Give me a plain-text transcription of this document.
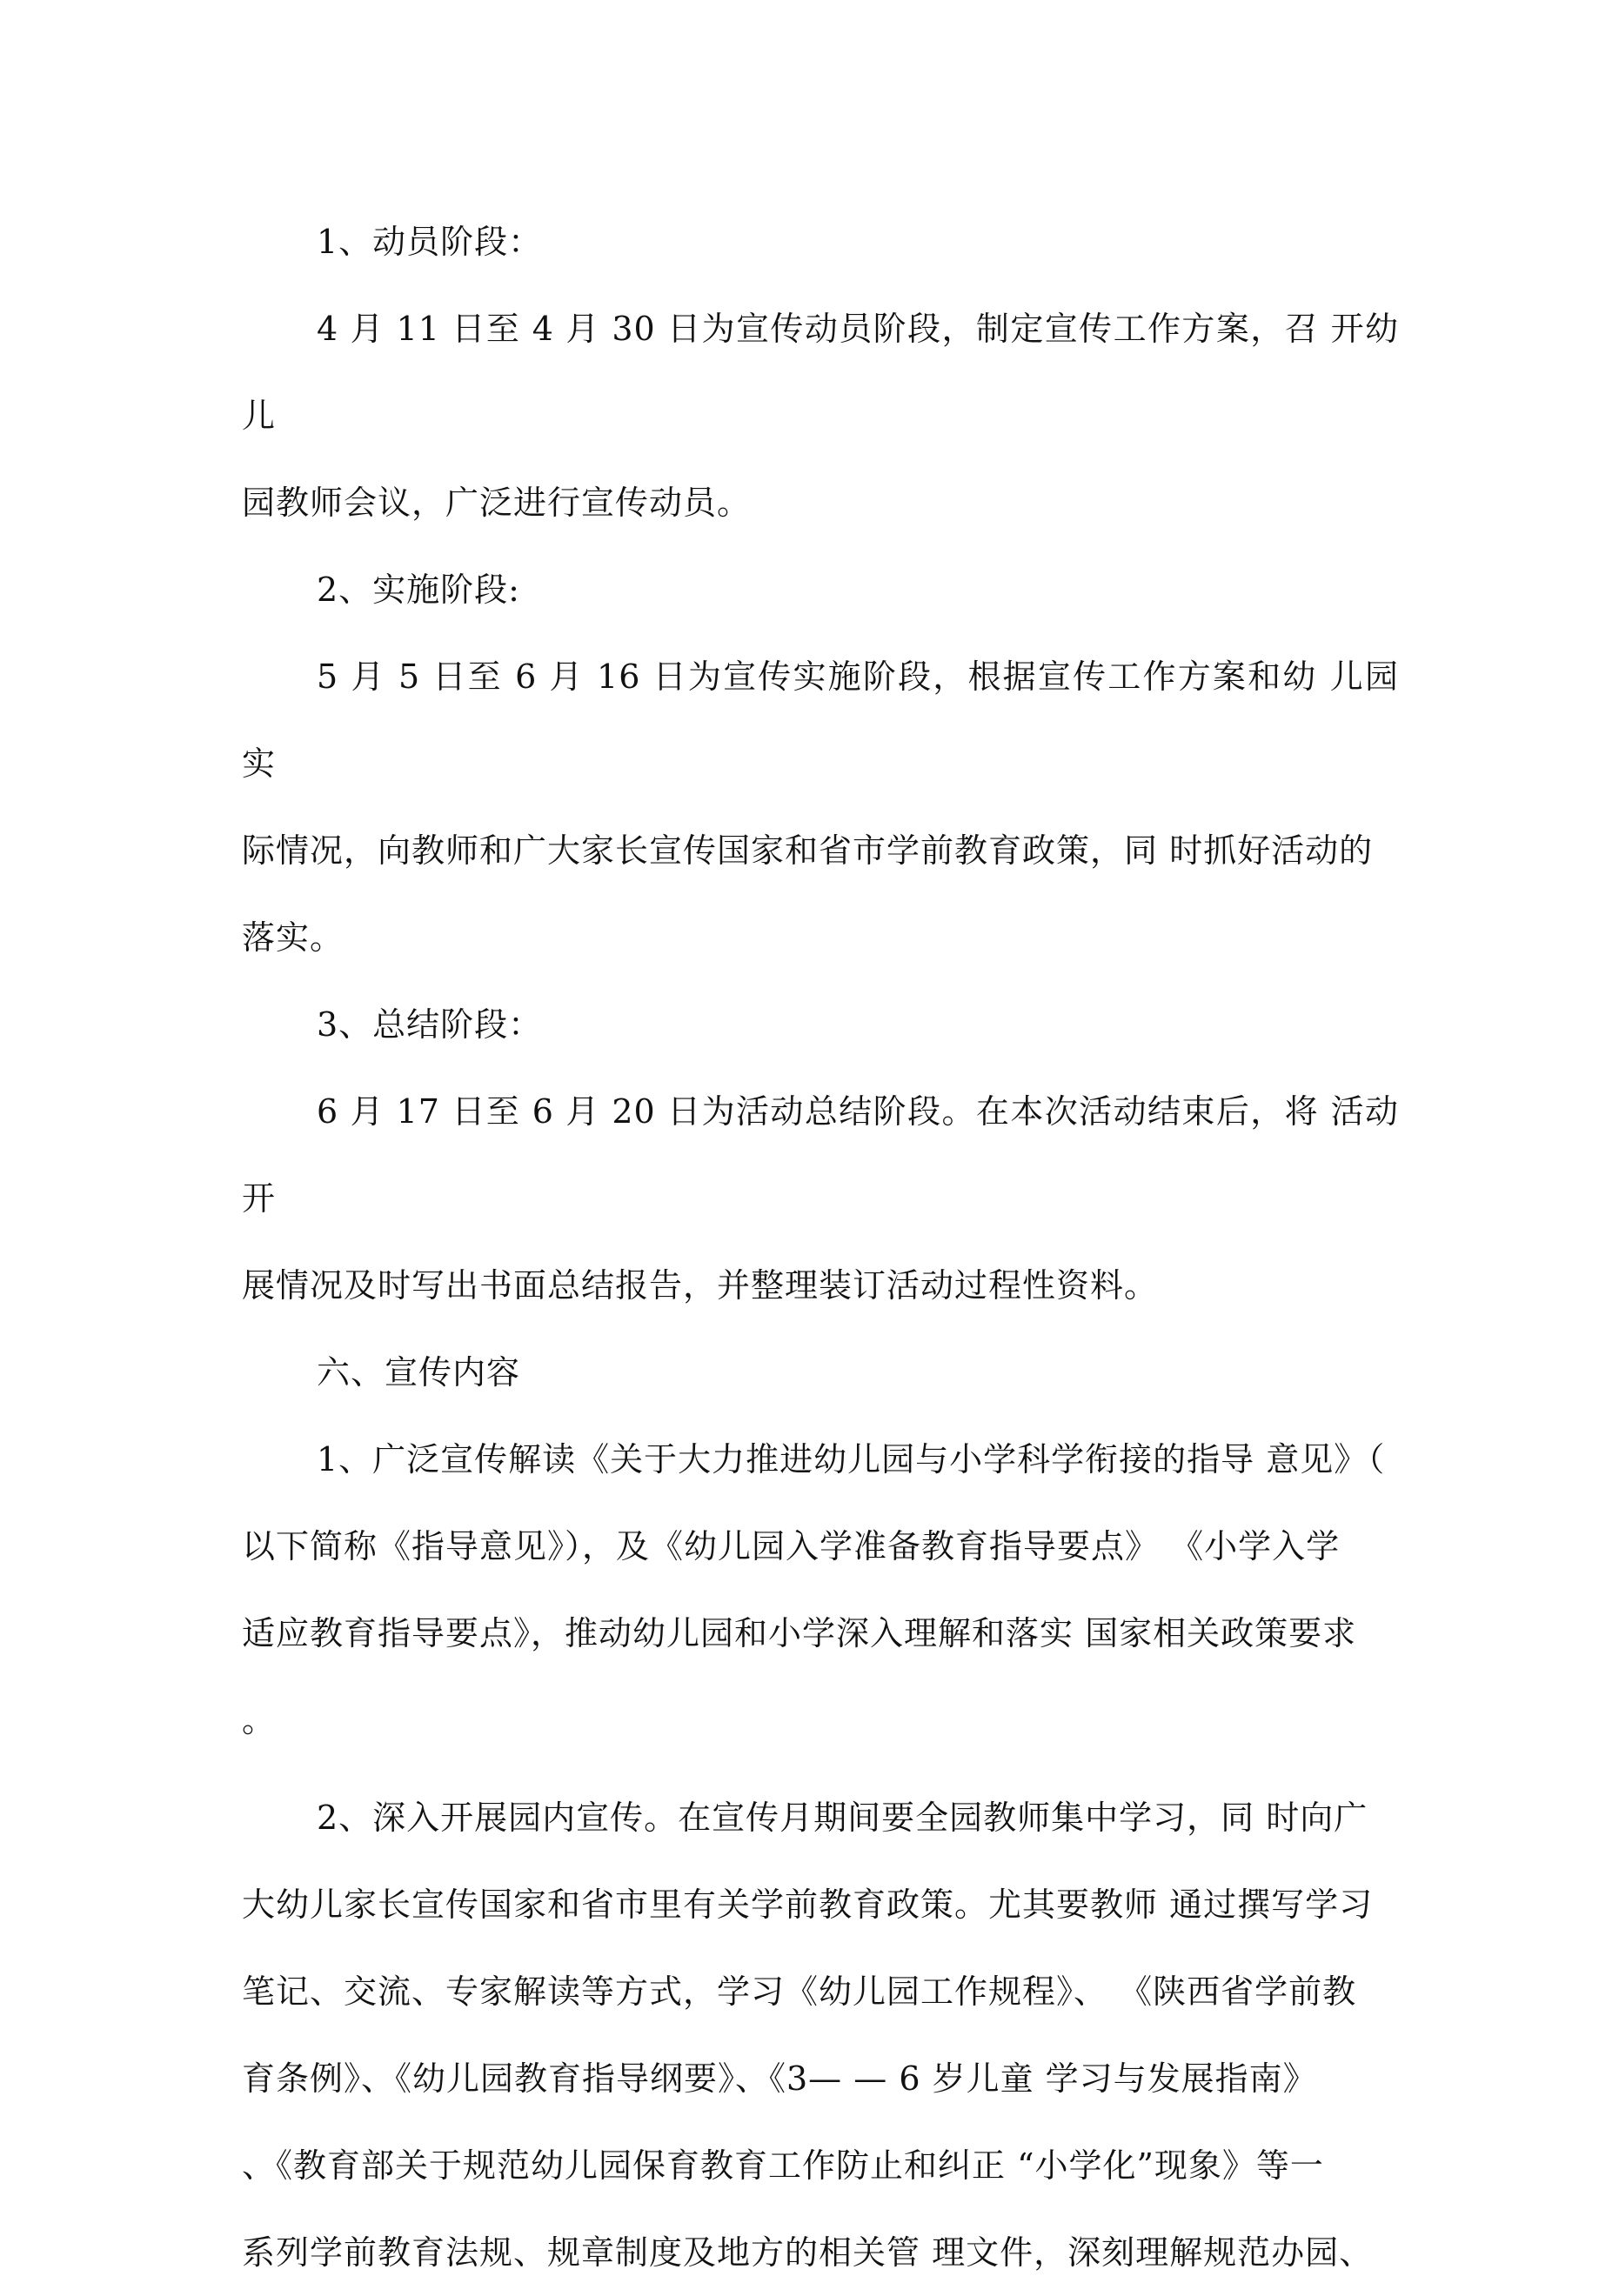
1、动员阶段：

4 月 11 日至 4 月 30 日为宣传动员阶段，制定宣传工作方案，召 开幼儿
园教师会议，广泛进行宣传动员。

2、实施阶段:

5 月 5 日至 6 月 16 日为宣传实施阶段，根据宣传工作方案和幼 儿园实
际情况，向教师和广大家长宣传国家和省市学前教育政策，同 时抓好活动的
落实。

3、总结阶段：

6 月 17 日至 6 月 20 日为活动总结阶段。在本次活动结束后，将 活动开
展情况及时写出书面总结报告，并整理装订活动过程性资料。

六、宣传内容

1、广泛宣传解读《关于大力推进幼儿园与小学科学衔接的指导 意见》（
以下简称《指导意见》），及《幼儿园入学准备教育指导要点》 《小学入学
适应教育指导要点》，推动幼儿园和小学深入理解和落实 国家相关政策要求
。

2、深入开展园内宣传。在宣传月期间要全园教师集中学习，同 时向广
大幼儿家长宣传国家和省市里有关学前教育政策。尤其要教师 通过撰写学习
笔记、交流、专家解读等方式，学习《幼儿园工作规程》、 《陕西省学前教
育条例》、《幼儿园教育指导纲要》、《3— — 6 岁儿童 学习与发展指南》
、《教育部关于规范幼儿园保育教育工作防止和纠正 “小学化”现象》等一
系列学前教育法规、规章制度及地方的相关管 理文件，深刻理解规范办园、
